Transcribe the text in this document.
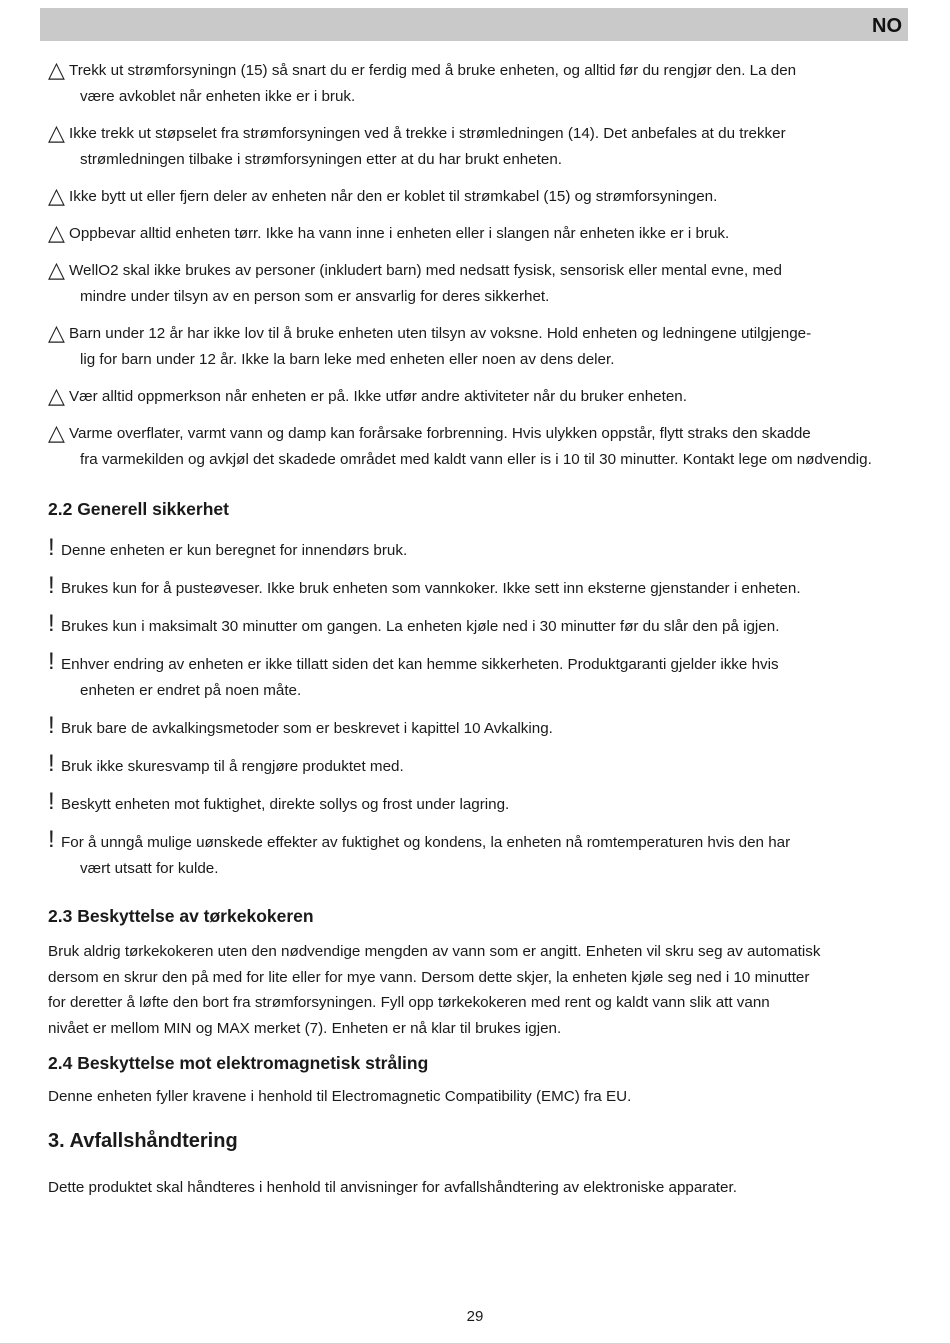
NO
△ Trekk ut strømforsyningn (15) så snart du er ferdig med å bruke enheten, og alltid før du rengjør den. La den
være avkoblet når enheten ikke er i bruk.
△ Ikke trekk ut støpselet fra strømforsyningen ved å trekke i strømledningen (14). Det anbefales at du trekker
strømledningen tilbake i strømforsyningen etter at du har brukt enheten.
△ Ikke bytt ut eller fjern deler av enheten når den er koblet til strømkabel (15) og strømforsyningen.
△ Oppbevar alltid enheten tørr. Ikke ha vann inne i enheten eller i slangen når enheten ikke er i bruk.
△ WellO2 skal ikke brukes av personer (inkludert barn) med nedsatt fysisk, sensorisk eller mental evne, med
mindre under tilsyn av en person som er ansvarlig for deres sikkerhet.
△ Barn under 12 år har ikke lov til å bruke enheten uten tilsyn av voksne. Hold enheten og ledningene utilgjenge-
lig for barn under 12 år. Ikke la barn leke med enheten eller noen av dens deler.
△ Vær alltid oppmerkson når enheten er på. Ikke utfør andre aktiviteter når du bruker enheten.
△ Varme overflater, varmt vann og damp kan forårsake forbrenning. Hvis ulykken oppstår, flytt straks den skadde
fra varmekilden og avkjøl det skadede området med kaldt vann eller is i 10 til 30 minutter. Kontakt lege om nødvendig.
2.2 Generell sikkerhet
! Denne enheten er kun beregnet for innendørs bruk.
! Brukes kun for å pusteøveser. Ikke bruk enheten som vannkoker. Ikke sett inn eksterne gjenstander i enheten.
! Brukes kun i maksimalt 30 minutter om gangen. La enheten kjøle ned i 30 minutter før du slår den på igjen.
! Enhver endring av enheten er ikke tillatt siden det kan hemme sikkerheten. Produktgaranti gjelder ikke hvis
enheten er endret på noen måte.
! Bruk bare de avkalkingsmetoder som er beskrevet i kapittel 10 Avkalking.
! Bruk ikke skuresvamp til å rengjøre produktet med.
! Beskytt enheten mot fuktighet, direkte sollys og frost under lagring.
! For å unngå mulige uønskede effekter av fuktighet og kondens, la enheten nå romtemperaturen hvis den har
vært utsatt for kulde.
2.3 Beskyttelse av tørkekokeren

Bruk aldrig tørkekokeren uten den nødvendige mengden av vann som er angitt. Enheten vil skru seg av automatisk
dersom en skrur den på med for lite eller for mye vann. Dersom dette skjer, la enheten kjøle seg ned i 10 minutter
for deretter å løfte den bort fra strømforsyningen. Fyll opp tørkekokeren med rent og kaldt vann slik att vann
nivået er mellom MIN og MAX merket (7). Enheten er nå klar til brukes igjen.

2.4 Beskyttelse mot elektromagnetisk stråling

Denne enheten fyller kravene i henhold til Electromagnetic Compatibility (EMC) fra EU.

3. Avfallshåndtering

Dette produktet skal håndteres i henhold til anvisninger for avfallshåndtering av elektroniske apparater.

29
